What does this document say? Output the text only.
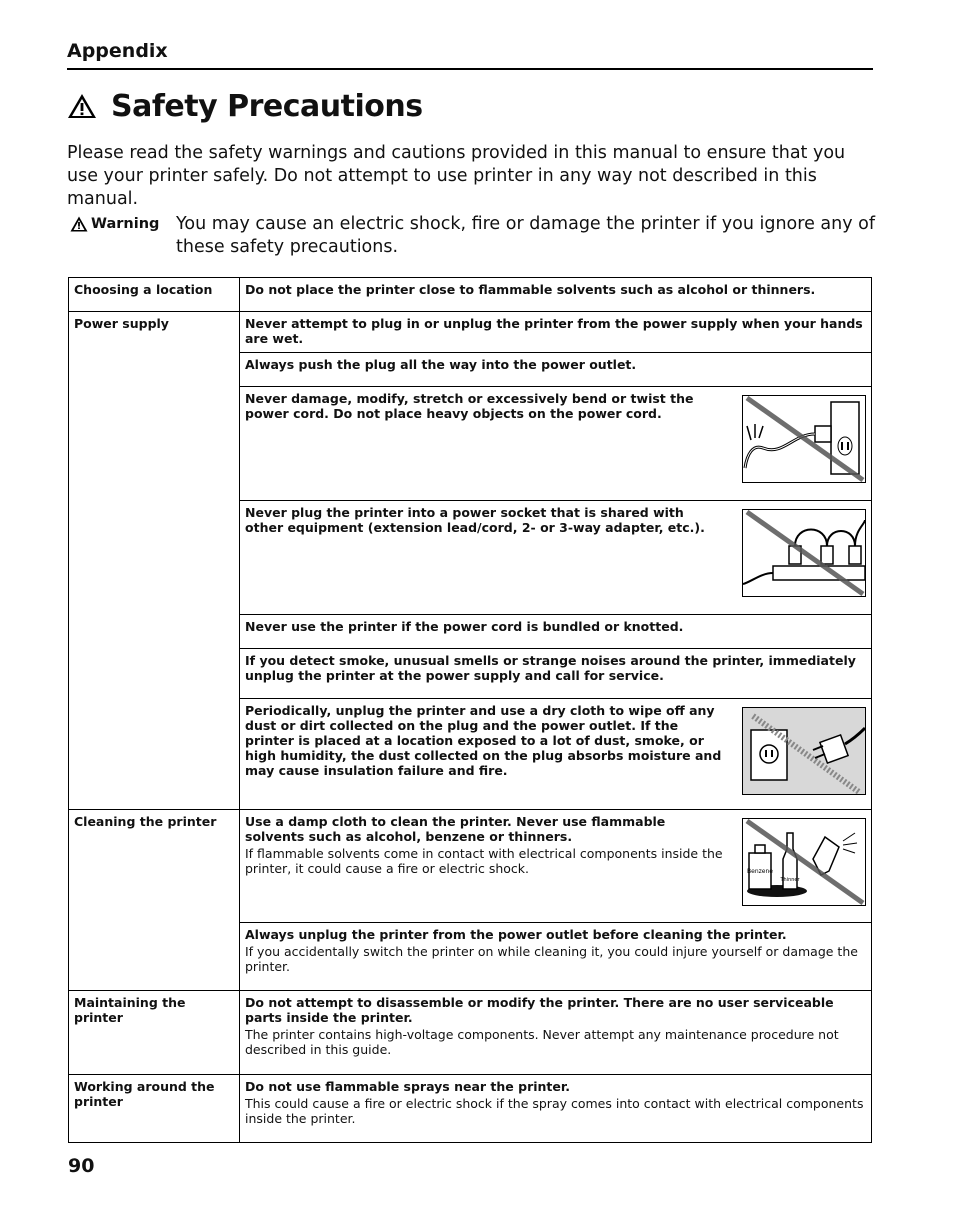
Appendix
Safety Precautions
Please read the safety warnings and cautions provided in this manual to ensure that you use your printer safely. Do not attempt to use printer in any way not described in this manual.
Warning You may cause an electric shock, fire or damage the printer if you ignore any of these safety precautions.
Choosing a location	Do not place the printer close to flammable solvents such as alcohol or thinners.
Power supply	Never attempt to plug in or unplug the printer from the power supply when your hands are wet.
	Always push the plug all the way into the power outlet.

	Never damage, modify, stretch or excessively bend or twist the power cord. Do not place heavy objects on the power cord.

	Never plug the printer into a power socket that is shared with other equipment (extension lead/cord, 2- or 3-way adapter, etc.).

	Never use the printer if the power cord is bundled or knotted.
	If you detect smoke, unusual smells or strange noises around the printer, immediately unplug the printer at the power supply and call for service.

	Periodically, unplug the printer and use a dry cloth to wipe off any dust or dirt collected on the plug and the power outlet. If the printer is placed at a location exposed to a lot of dust, smoke, or high humidity, the dust collected on the plug absorbs moisture and may cause insulation failure and fire.

Cleaning the printer	Use a damp cloth to clean the printer. Never use flammable solvents such as alcohol, benzene or thinners.
If flammable solvents come in contact with electrical components inside the printer, it could cause a fire or electric shock. Benzene
Thinner

	Always unplug the printer from the power outlet before cleaning the printer.
If you accidentally switch the printer on while cleaning it, you could injure yourself or damage the printer.

Maintaining the printer	Do not attempt to disassemble or modify the printer. There are no user serviceable parts inside the printer.
The printer contains high-voltage components. Never attempt any maintenance procedure not described in this guide.

Working around the printer	Do not use flammable sprays near the printer.
This could cause a fire or electric shock if the spray comes into contact with electrical components inside the printer.
90
